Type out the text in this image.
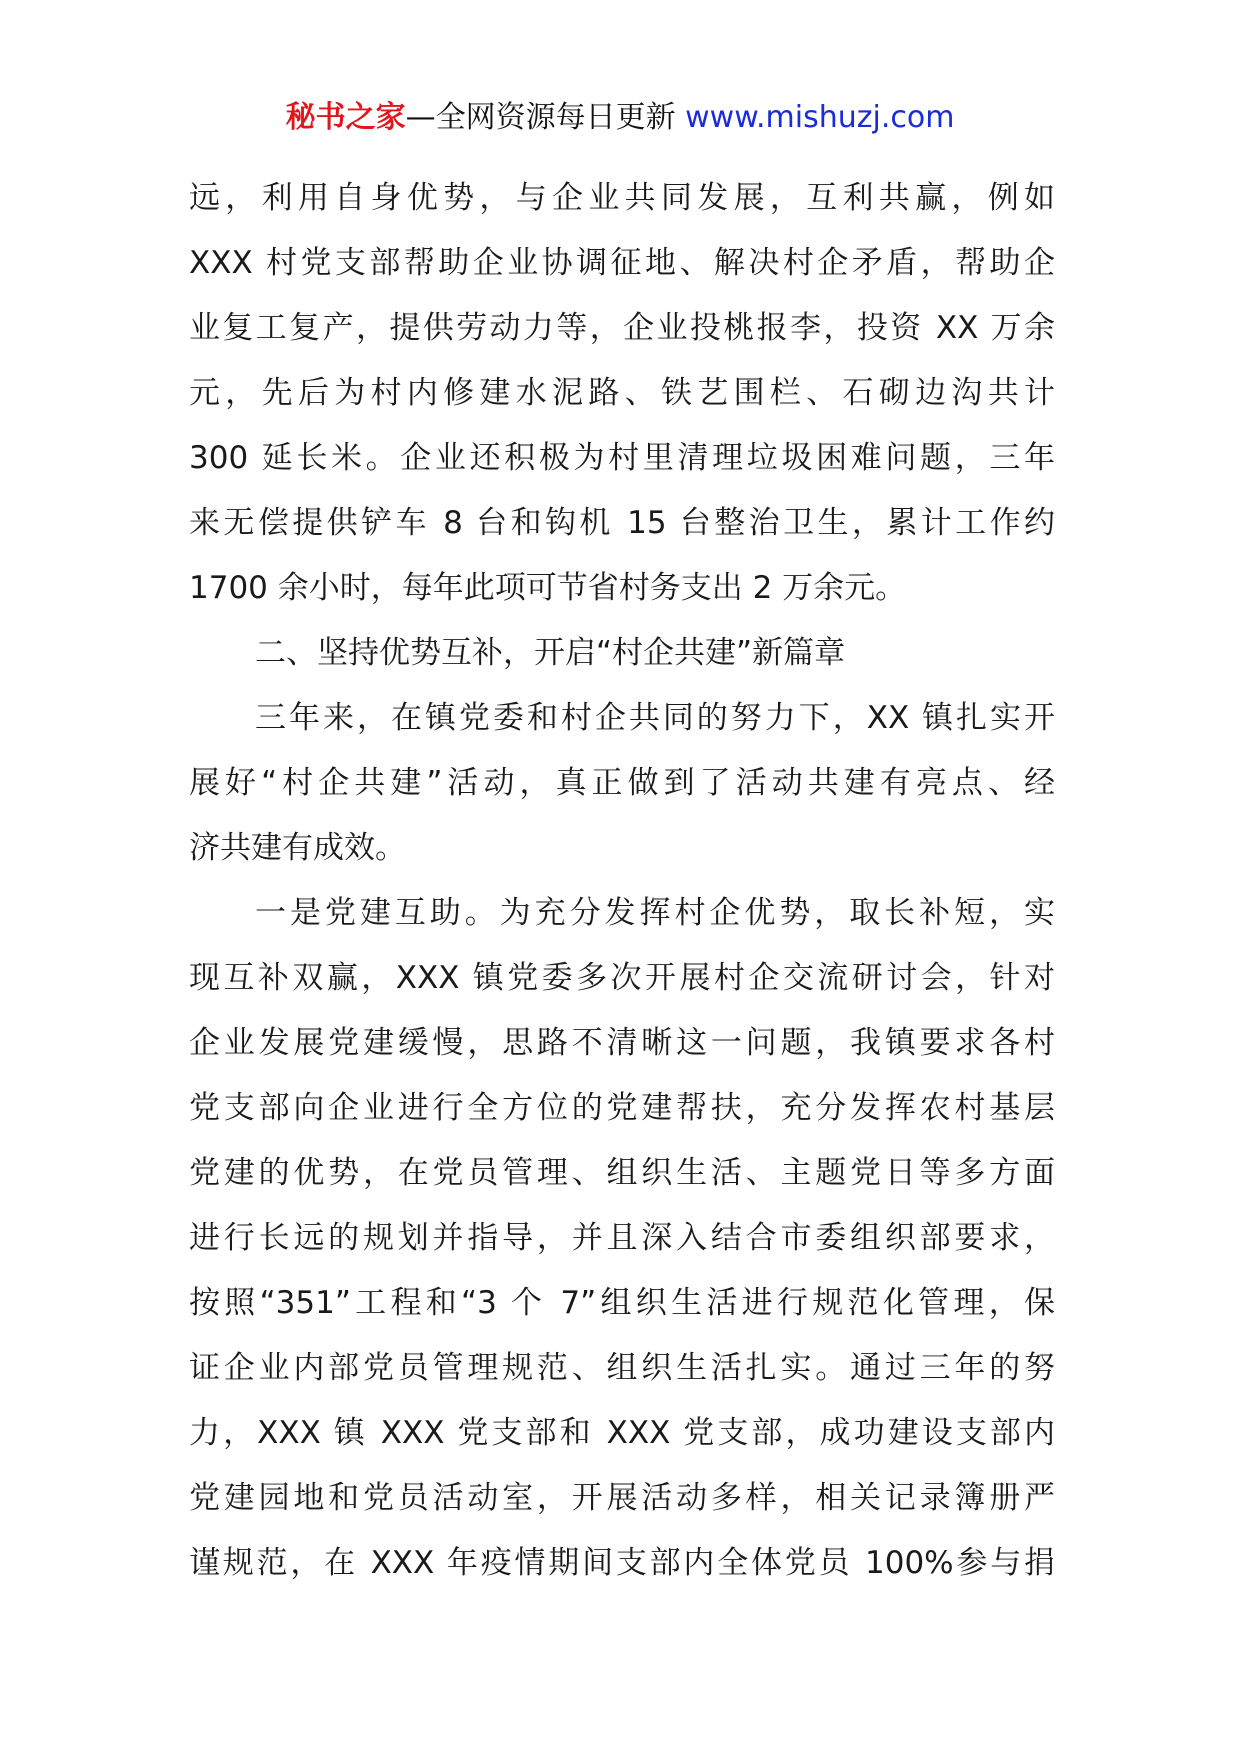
秘书之家—全网资源每日更新 www.mishuzj.com
远，利用自身优势，与企业共同发展，互利共赢，例如
XXX 村党支部帮助企业协调征地、解决村企矛盾，帮助企
业复工复产，提供劳动力等，企业投桃报李，投资 XX 万余
元，先后为村内修建水泥路、铁艺围栏、石砌边沟共计
300 延长米。企业还积极为村里清理垃圾困难问题，三年
来无偿提供铲车 8 台和钩机 15 台整治卫生，累计工作约
1700 余小时，每年此项可节省村务支出 2 万余元。
二、坚持优势互补，开启“村企共建”新篇章
三年来，在镇党委和村企共同的努力下，XX 镇扎实开
展好“村企共建”活动，真正做到了活动共建有亮点、经
济共建有成效。
一是党建互助。为充分发挥村企优势，取长补短，实
现互补双赢，XXX 镇党委多次开展村企交流研讨会，针对
企业发展党建缓慢，思路不清晰这一问题，我镇要求各村
党支部向企业进行全方位的党建帮扶，充分发挥农村基层
党建的优势，在党员管理、组织生活、主题党日等多方面
进行长远的规划并指导，并且深入结合市委组织部要求，
按照“351”工程和“3 个 7”组织生活进行规范化管理，保
证企业内部党员管理规范、组织生活扎实。通过三年的努
力，XXX 镇 XXX 党支部和 XXX 党支部，成功建设支部内
党建园地和党员活动室，开展活动多样，相关记录簿册严
谨规范，在 XXX 年疫情期间支部内全体党员 100%参与捐
